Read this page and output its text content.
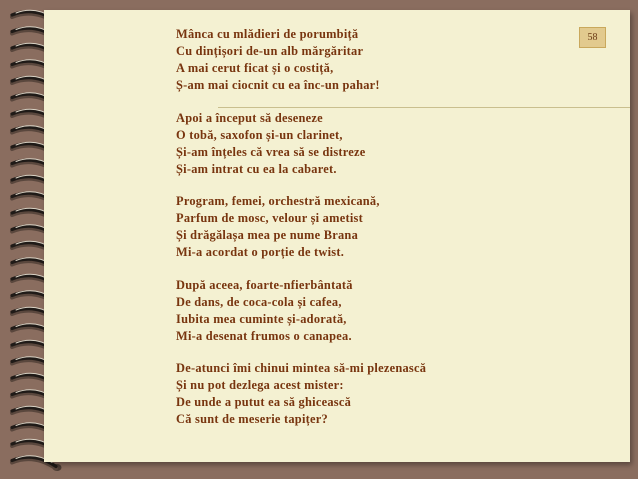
58
Mânca cu mlădieri de porumbiță
Cu dințișori de-un alb mărgăritar
A mai cerut ficat și o costiță,
Ș-am mai ciocnit cu ea înc-un pahar!
Apoi a început să deseneze
O tobă, saxofon și-un clarinet,
Și-am înțeles că vrea să se distreze
Și-am intrat cu ea la cabaret.
Program, femei, orchestră mexicană,
Parfum de mosc, velour și ametist
Și drăgălașa mea pe nume Brana
Mi-a acordat o porție de twist.
După aceea, foarte-nfierbântată
De dans, de coca-cola și cafea,
Iubita mea cuminte și-adorată,
Mi-a desenat frumos o canapea.
De-atunci îmi chinui mintea să-mi plezenască
Și nu pot dezlega acest mister:
De unde a putut ea să ghicească
Că sunt de meserie tapițer?
